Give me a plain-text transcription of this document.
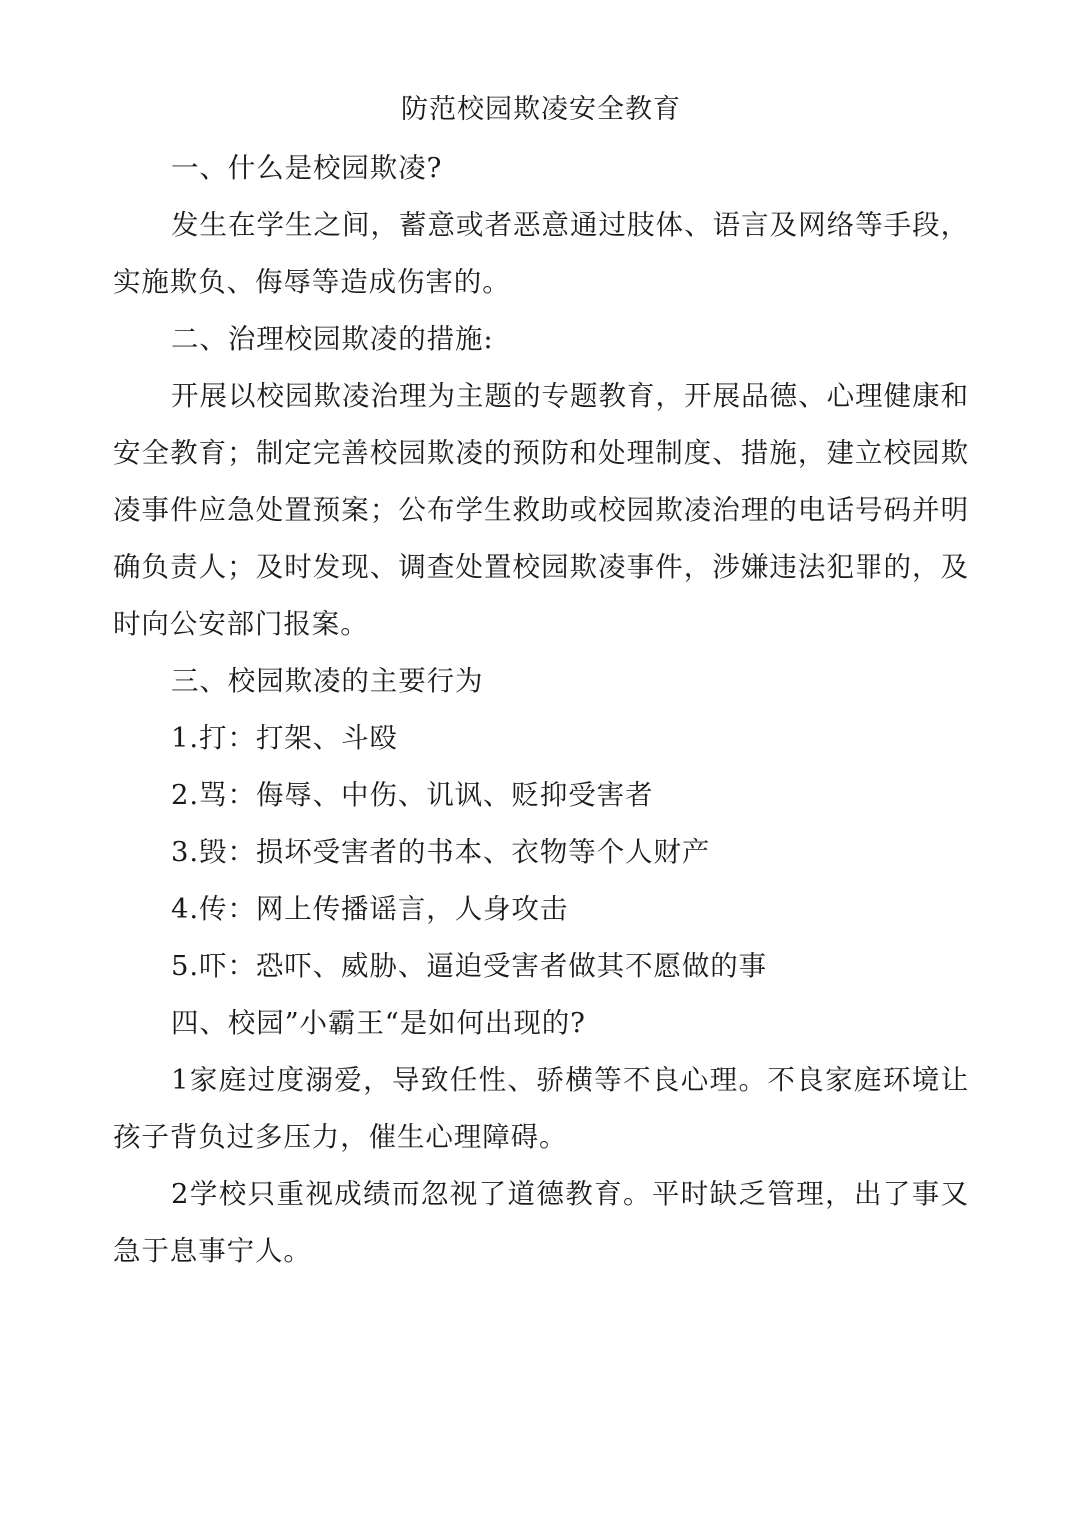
防范校园欺凌安全教育

一、什么是校园欺凌?

发生在学生之间，蓄意或者恶意通过肢体、语言及网络等手段，实施欺负、侮辱等造成伤害的。

二、治理校园欺凌的措施:

开展以校园欺凌治理为主题的专题教育，开展品德、心理健康和安全教育；制定完善校园欺凌的预防和处理制度、措施，建立校园欺凌事件应急处置预案；公布学生救助或校园欺凌治理的电话号码并明确负责人；及时发现、调查处置校园欺凌事件，涉嫌违法犯罪的，及时向公安部门报案。

三、校园欺凌的主要行为

1.打：打架、斗殴

2.骂：侮辱、中伤、讥讽、贬抑受害者

3.毁：损坏受害者的书本、衣物等个人财产

4.传：网上传播谣言，人身攻击

5.吓：恐吓、威胁、逼迫受害者做其不愿做的事

四、校园”小霸王“是如何出现的?

1家庭过度溺爱，导致任性、骄横等不良心理。不良家庭环境让孩子背负过多压力，催生心理障碍。

2学校只重视成绩而忽视了道德教育。平时缺乏管理，出了事又急于息事宁人。
